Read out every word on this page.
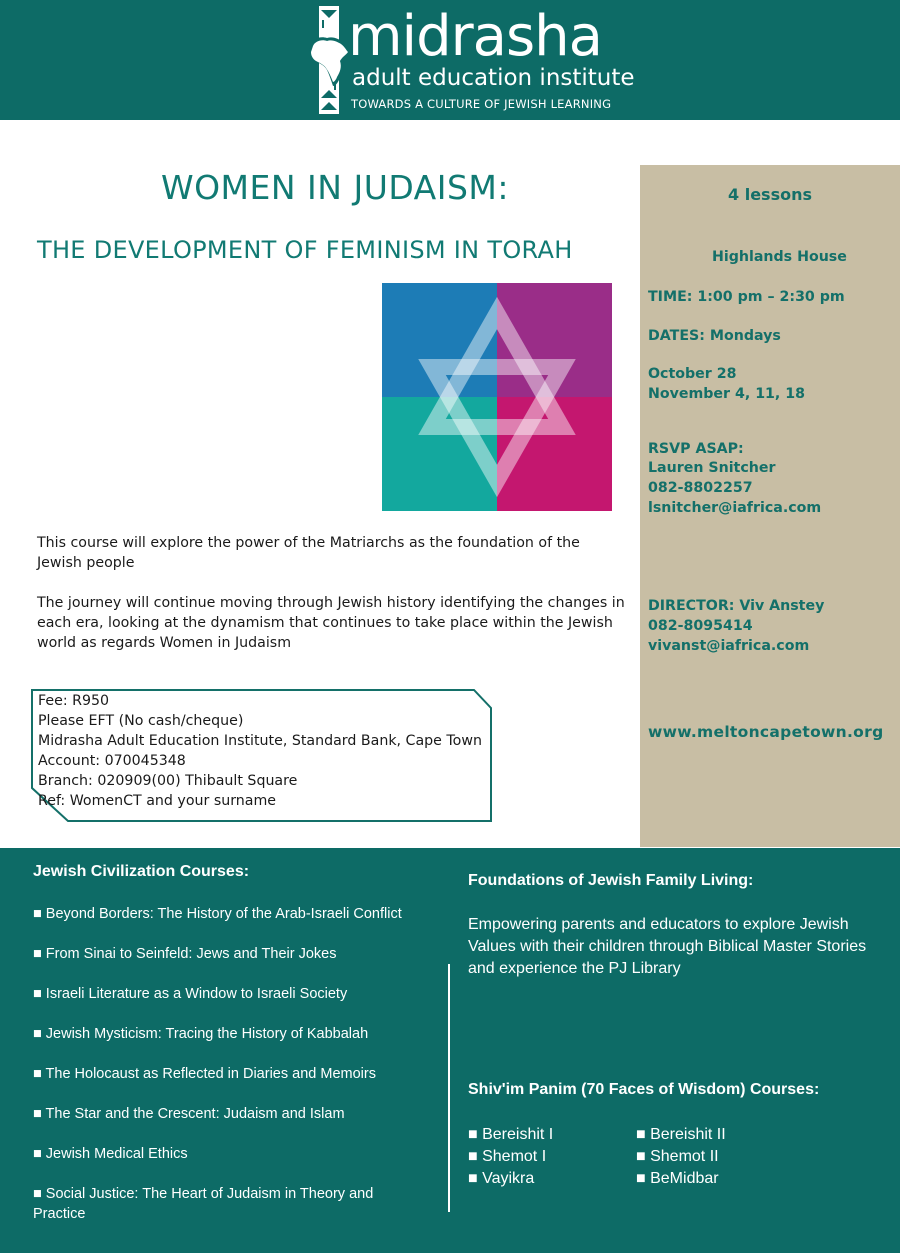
midrasha
adult education institute
TOWARDS A CULTURE OF JEWISH LEARNING
WOMEN IN JUDAISM:
THE DEVELOPMENT OF FEMINISM IN TORAH
This course will explore the power of the Matriarchs as the foundation of the Jewish people
The journey will continue moving through Jewish history identifying the changes in each era, looking at the dynamism that continues to take place within the Jewish world as regards Women in Judaism
Fee: R950
Please EFT (No cash/cheque)
Midrasha Adult Education Institute, Standard Bank, Cape Town
Account: 070045348
Branch: 020909(00) Thibault Square
Ref: WomenCT and your surname
4 lessons
Highlands House
TIME: 1:00 pm – 2:30 pm
DATES: Mondays
October 28
November 4, 11, 18
RSVP ASAP:
Lauren Snitcher
082-8802257
lsnitcher@iafrica.com
DIRECTOR: Viv Anstey
082-8095414
vivanst@iafrica.com
www.meltoncapetown.org
Jewish Civilization Courses:
■ Beyond Borders: The History of the Arab-Israeli Conflict
■ From Sinai to Seinfeld: Jews and Their Jokes
■ Israeli Literature as a Window to Israeli Society
■ Jewish Mysticism: Tracing the History of Kabbalah
■ The Holocaust as Reflected in Diaries and Memoirs
■ The Star and the Crescent: Judaism and Islam
■ Jewish Medical Ethics
■ Social Justice: The Heart of Judaism in Theory and Practice
Foundations of Jewish Family Living:
Empowering parents and educators to explore Jewish Values with their children through Biblical Master Stories and experience the PJ Library
Shiv'im Panim (70 Faces of Wisdom) Courses:
■ Bereishit I	■ Bereishit II
■ Shemot I	■ Shemot II
■ Vayikra	■ BeMidbar
